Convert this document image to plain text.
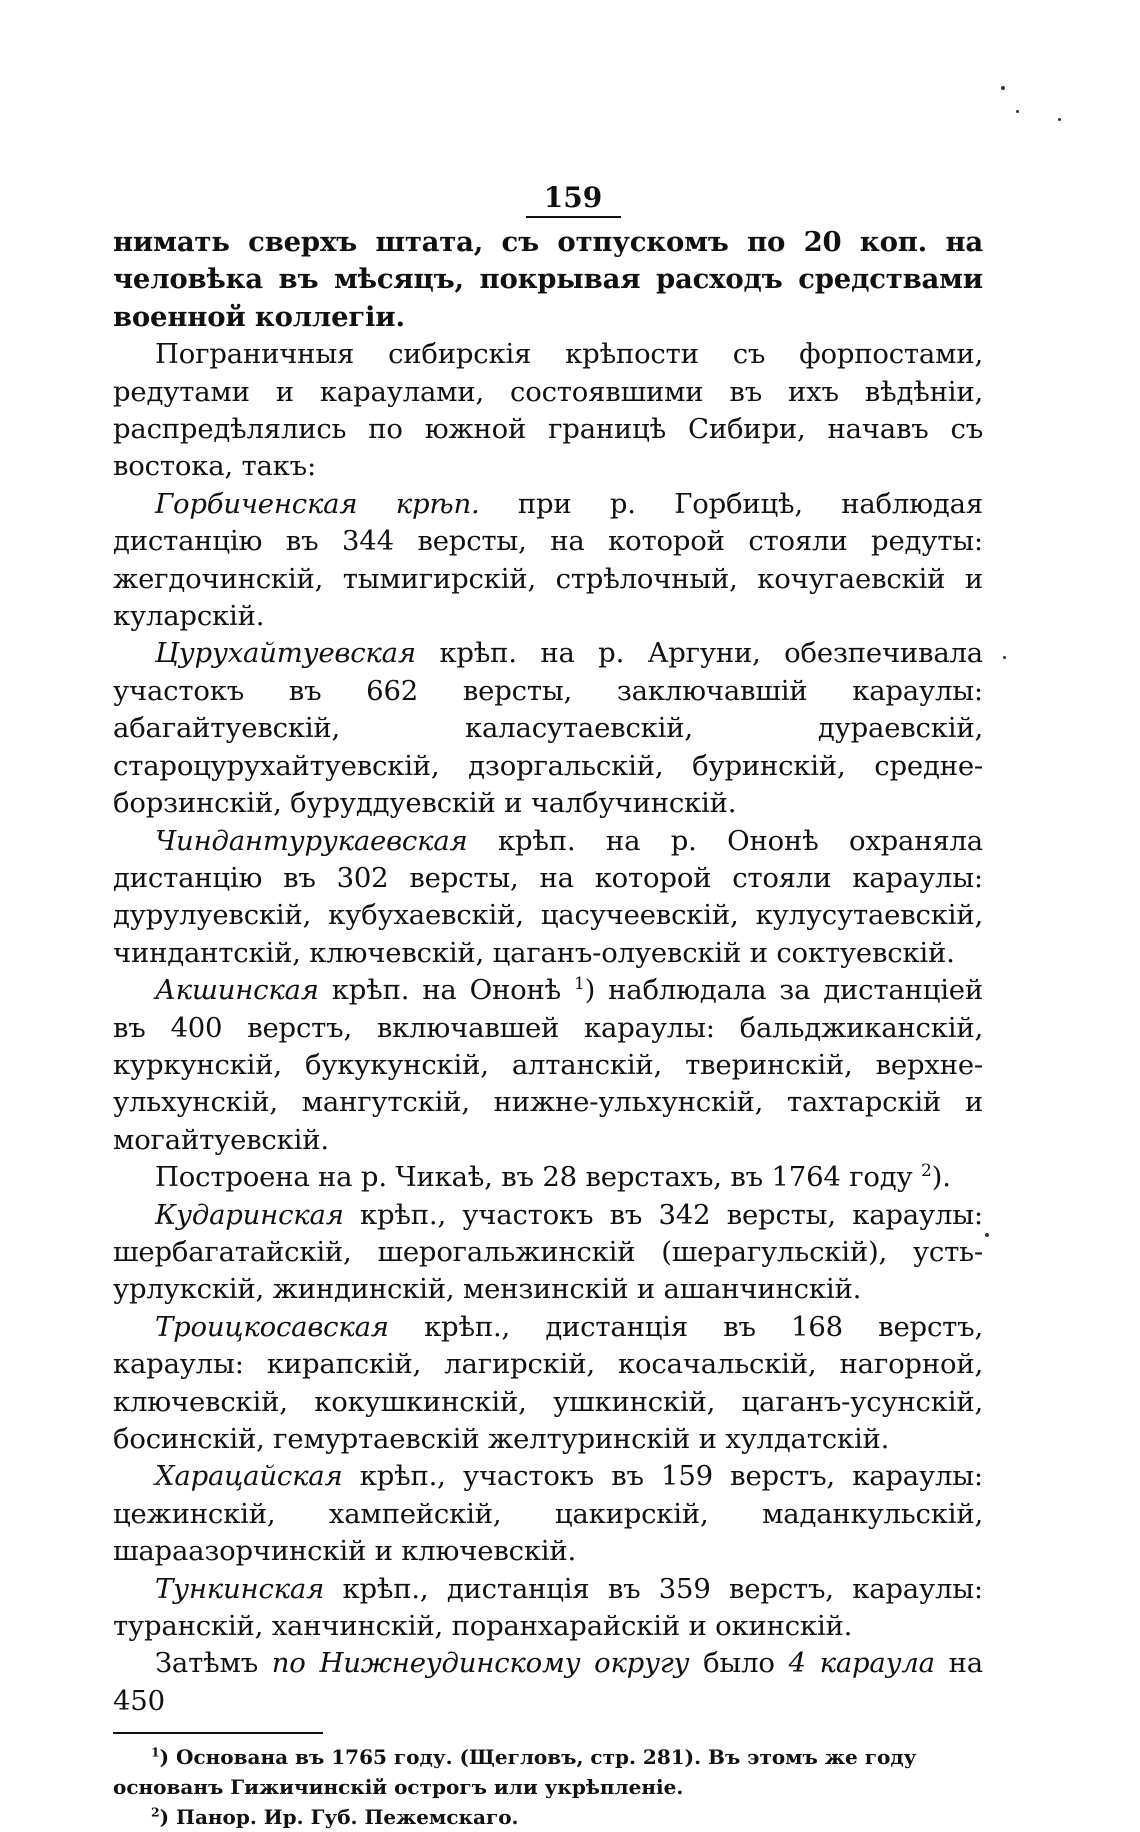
159

нимать сверхъ штата, съ отпускомъ по 20 коп. на человѣка въ мѣсяцъ, покрывая расходъ средствами военной коллегіи.

Пограничныя сибирскія крѣпости съ форпостами, редутами и караулами, состоявшими въ ихъ вѣдѣніи, распредѣлялись по южной границѣ Сибири, начавъ съ востока, такъ:

Горбиченская крѣп. при р. Горбицѣ, наблюдая дистанцію въ 344 версты, на которой стояли редуты: жегдочинскій, тымигирскій, стрѣлочный, кочугаевскій и куларскій.

Цурухайтуевская крѣп. на р. Аргуни, обезпечивала участокъ въ 662 версты, заключавшій караулы: абагайтуевскій, каласутаевскій, дураевскій, староцурухайтуевскій, дзоргальскій, буринскій, средне-борзинскій, буруддуевскій и чалбучинскій.

Чиндантурукаевская крѣп. на р. Ононѣ охраняла дистанцію въ 302 версты, на которой стояли караулы: дурулуевскій, кубухаевскій, цасучеевскій, кулусутаевскій, чиндантскій, ключевскій, цаганъ-олуевскій и соктуевскій.

Акшинская крѣп. на Ононѣ $^1$) наблюдала за дистанціей въ 400 верстъ, включавшей караулы: бальджиканскій, куркунскій, букукунскій, алтанскій, тверинскій, верхне-ульхунскій, мангутскій, нижне-ульхунскій, тахтарскій и могайтуевскій.

Построена на р. Чикаѣ, въ 28 верстахъ, въ 1764 году $^2$).

Кударинская крѣп., участокъ въ 342 версты, караулы: шербагатайскій, шерогальжинскій (шерагульскій), усть-урлукскій, жиндинскій, мензинскій и ашанчинскій.

Троицкосавская крѣп., дистанція въ 168 верстъ, караулы: кирапскій, лагирскій, косачальскій, нагорной, ключевскій, кокушкинскій, ушкинскій, цаганъ-усунскій, босинскій, гемуртаевскій желтуринскій и хулдатскій.

Харацайская крѣп., участокъ въ 159 верстъ, караулы: цежинскій, хампейскій, цакирскій, маданкульскій, шараазорчинскій и ключевскій.

Тункинская крѣп., дистанція въ 359 верстъ, караулы: туранскій, ханчинскій, поранхарайскій и окинскій.

Затѣмъ по Нижнеудинскому округу было 4 караула на 450

$^1$) Основана въ 1765 году. (Щегловъ, стр. 281). Въ этомъ же году основанъ Гижичинскій острогъ или укрѣпленіе.

$^2$) Панор. Ир. Губ. Пежемскаго.
